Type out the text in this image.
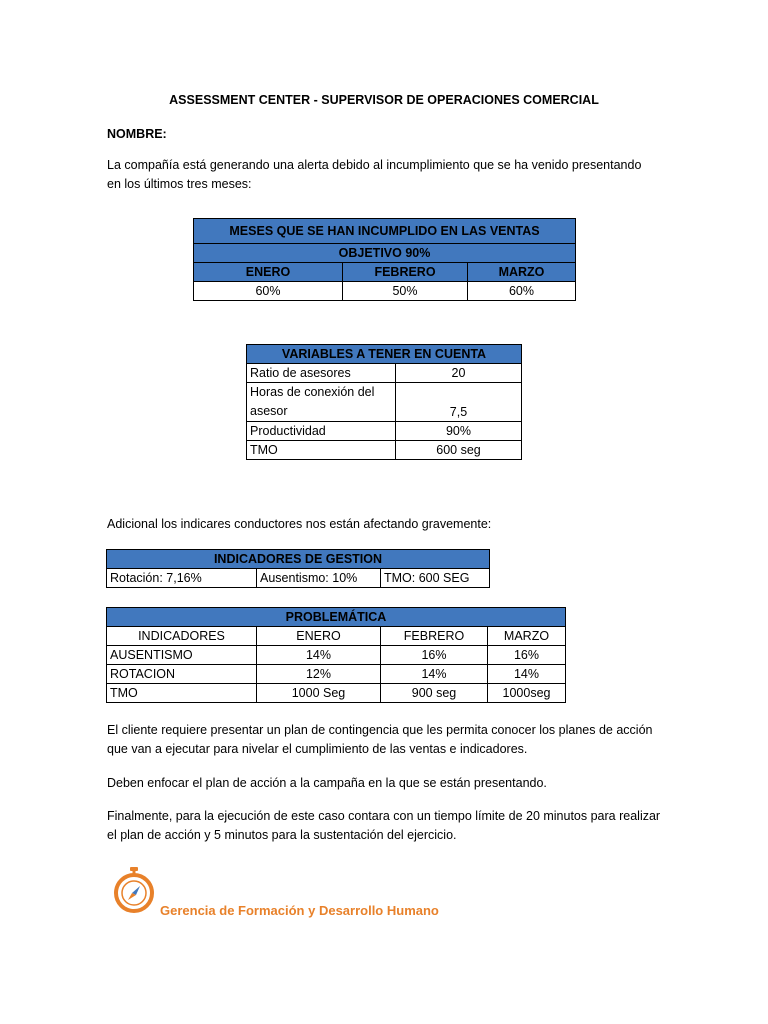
ASSESSMENT CENTER - SUPERVISOR DE OPERACIONES COMERCIAL
NOMBRE:
La compañía está generando una alerta debido al incumplimiento que se ha venido presentando
en los últimos tres meses:
MESES QUE SE HAN INCUMPLIDO EN LAS VENTAS		
OBJETIVO 90%		
ENERO	FEBRERO	MARZO
60%	50%	60%
VARIABLES A TENER EN CUENTA	
Ratio de asesores	20

Horas de conexión del
asesor	7,5
Productividad	90%
TMO	600 seg
Adicional los indicares conductores nos están afectando gravemente:
INDICADORES DE GESTION
Rotación: 7,16%	Ausentismo: 10%	TMO: 600 SEG
PROBLEMÁTICA			
INDICADORES	ENERO	FEBRERO	MARZO
AUSENTISMO	14%	16%	16%
ROTACION	12%	14%	14%
TMO	1000 Seg	900 seg	1000seg
El cliente requiere presentar un plan de contingencia que les permita conocer los planes de acción
que van a ejecutar para nivelar el cumplimiento de las ventas e indicadores.
Deben enfocar el plan de acción a la campaña en la que se están presentando.
Finalmente, para la ejecución de este caso contara con un tiempo límite de 20 minutos para realizar
el plan de acción y 5 minutos para la sustentación del ejercicio.
Gerencia de Formación y Desarrollo Humano
